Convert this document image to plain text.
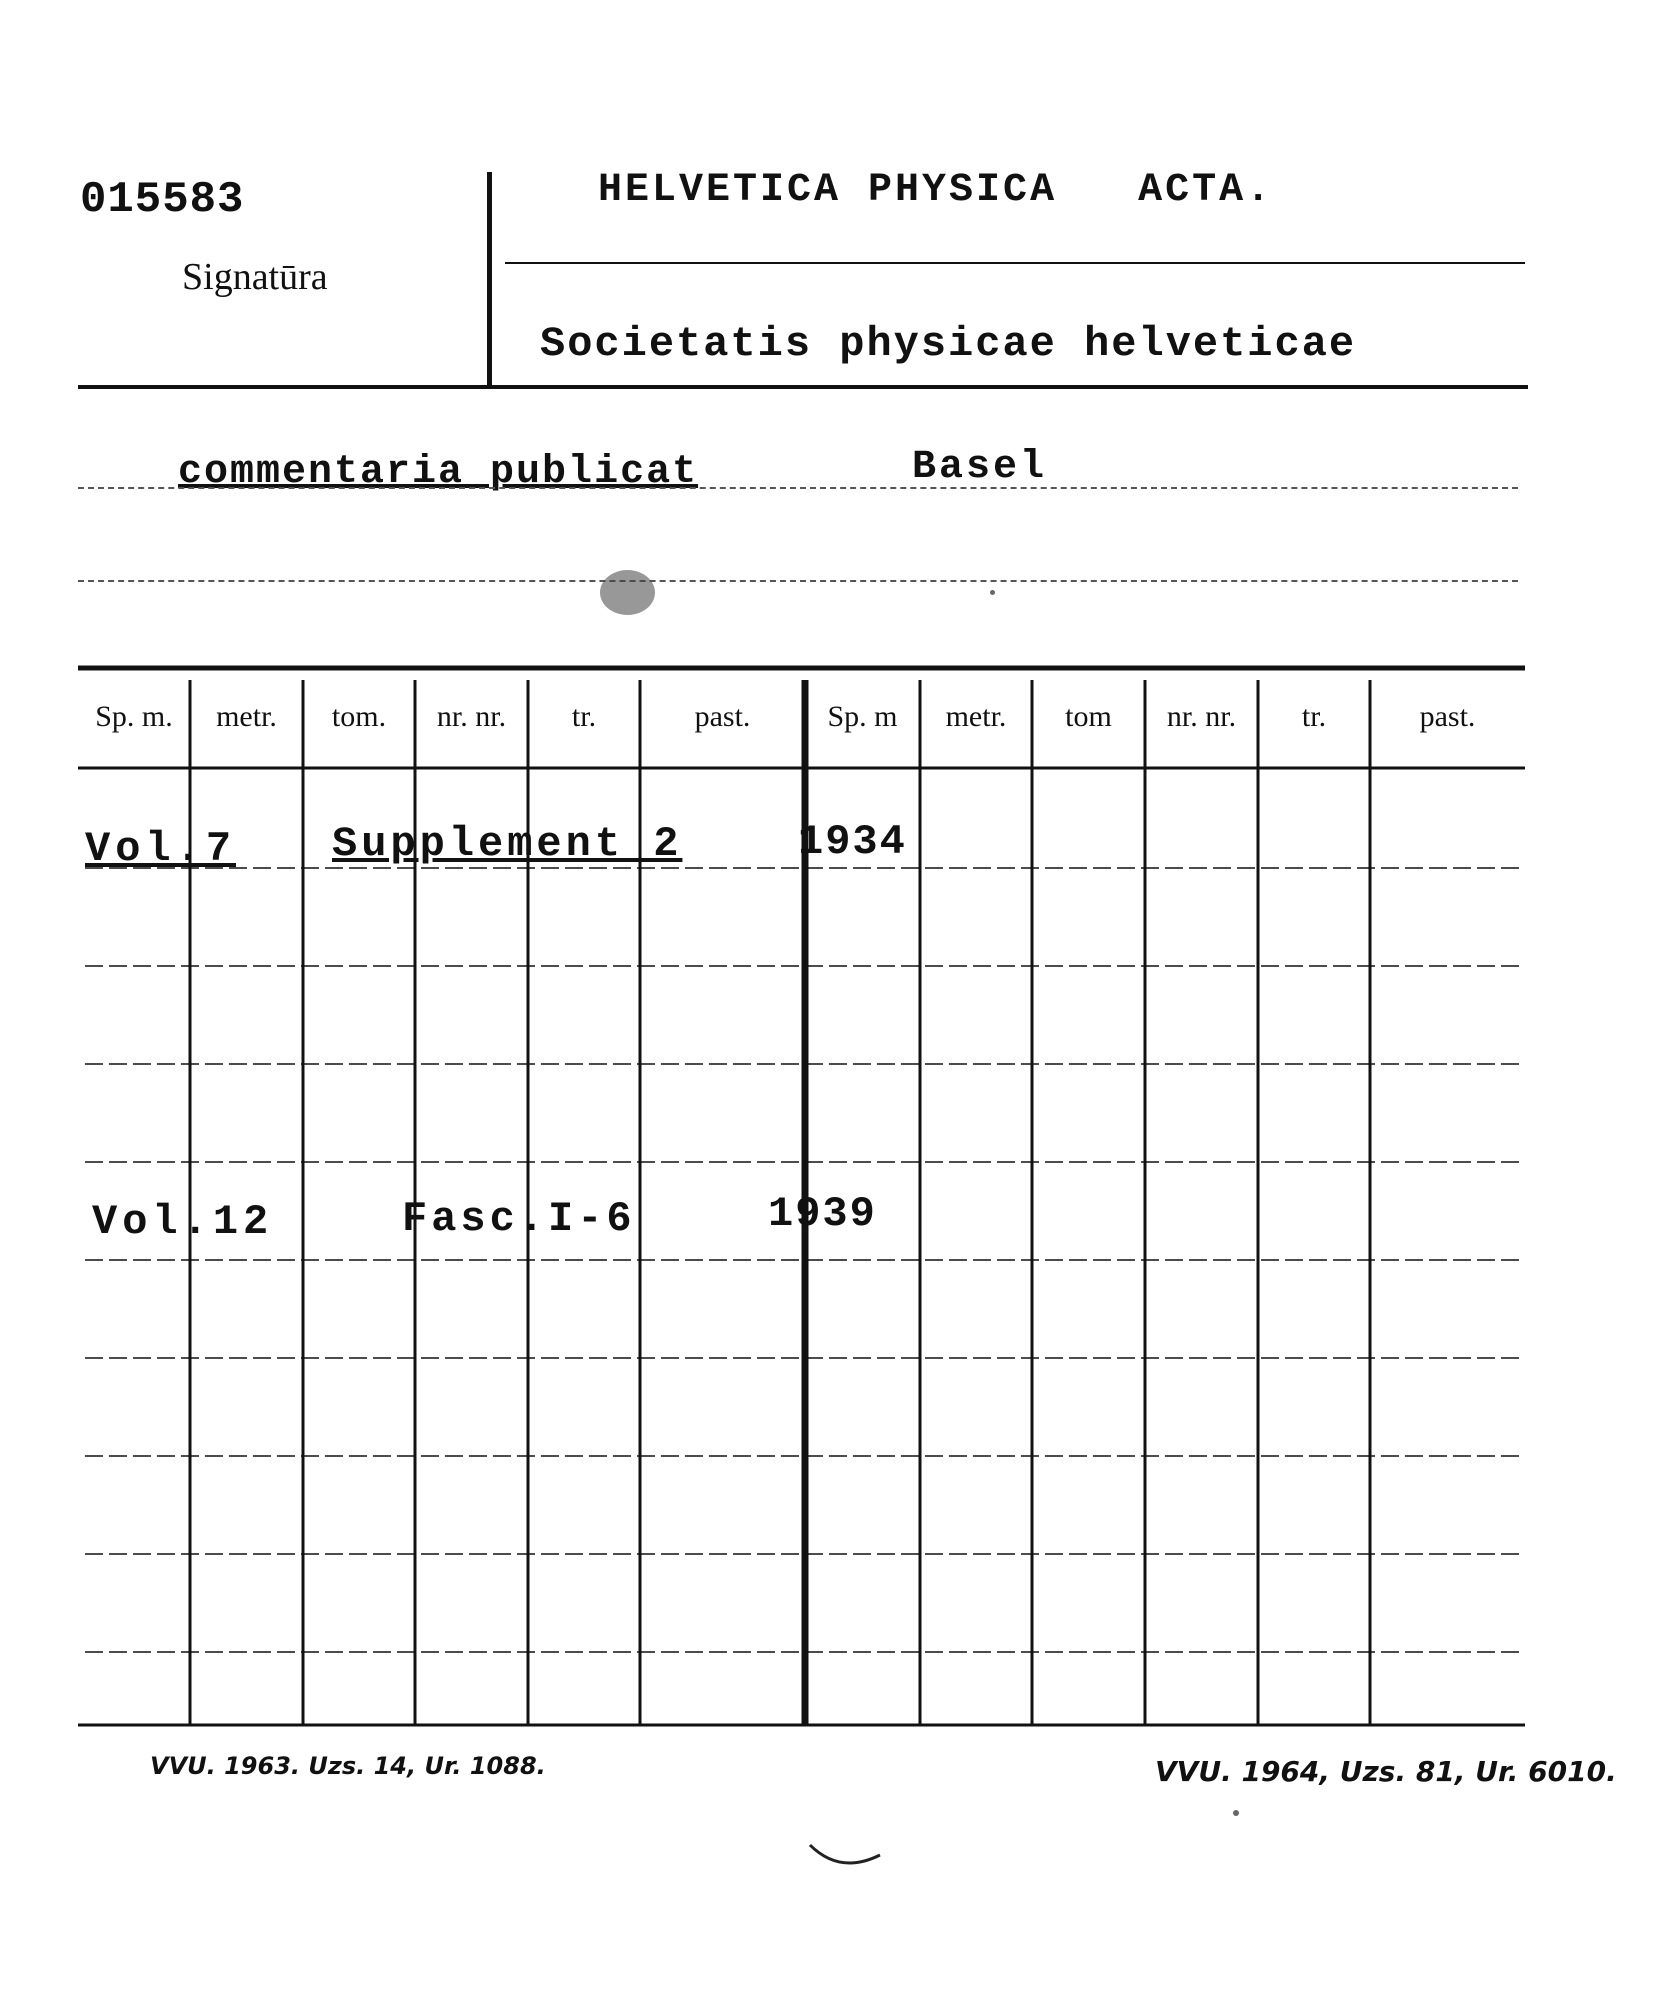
015583
Signatūra
HELVETICA PHYSICA   ACTA.
Societatis physicae helveticae
commentaria publicat	Basel
Sp. m.	metr.	tom.	nr. nr.	tr.	past.	Sp. m	metr.	tom	nr. nr.	tr.	past.
Vol.7 Supplement 2	1934
Vol.12	Fasc.I-6	1939
VVU. 1963. Uzs. 14, Ur. 1088.	VVU. 1964, Uzs. 81, Ur. 6010.
